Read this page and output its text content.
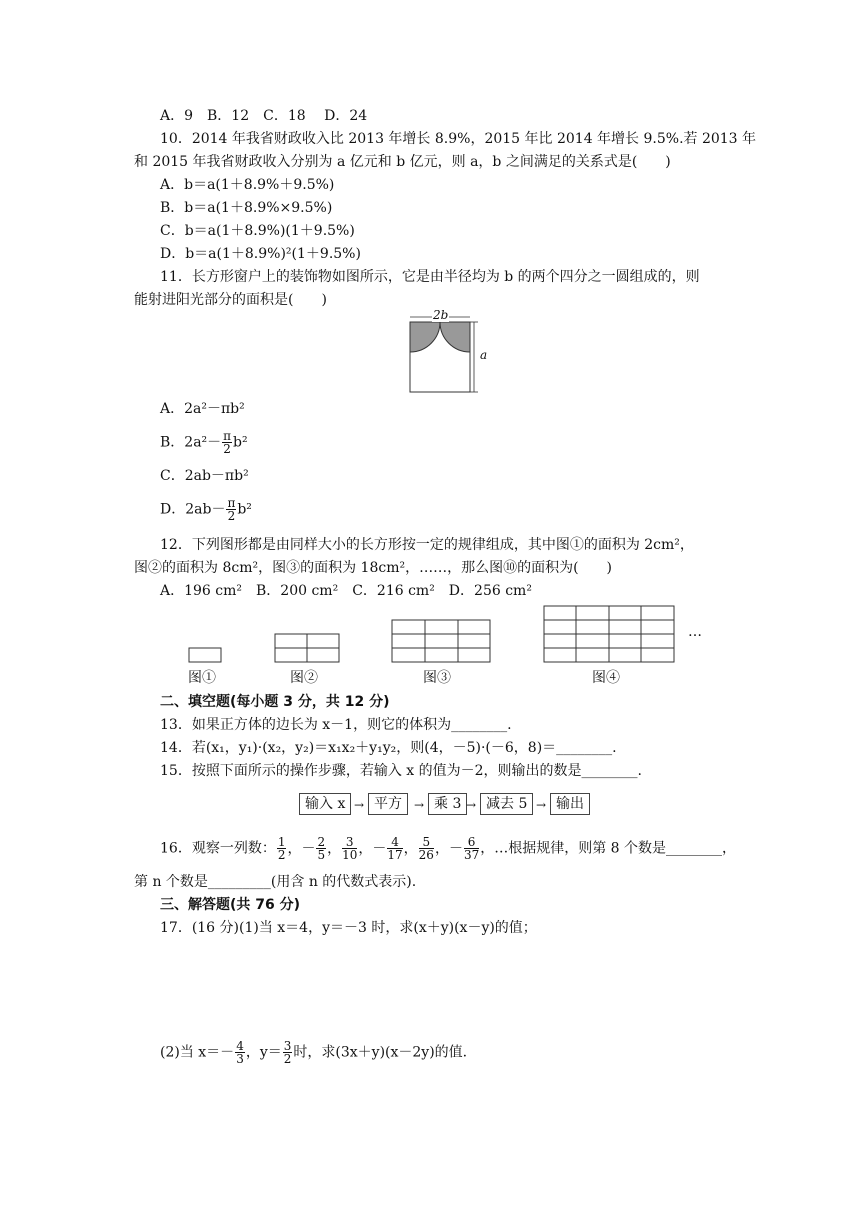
A．9　B．12　C．18　 D．24
10．2014 年我省财政收入比 2013 年增长 8.9%，2015 年比 2014 年增长 9.5%.若 2013 年
和 2015 年我省财政收入分别为 a 亿元和 b 亿元，则 a，b 之间满足的关系式是(　　)
A．b＝a(1＋8.9%＋9.5%)
B．b＝a(1＋8.9%×9.5%)
C．b＝a(1＋8.9%)(1＋9.5%)
D．b＝a(1＋8.9%)²(1＋9.5%)
11．长方形窗户上的装饰物如图所示，它是由半径均为 b 的两个四分之一圆组成的，则
能射进阳光部分的面积是(　　)
2b
a
A．2a²－πb²
B．$2a^2- \frac{\pi}{2} b^2$
C．2ab－πb²
D．$2ab- \frac{\pi}{2} b^2$
12．下列图形都是由同样大小的长方形按一定的规律组成，其中图①的面积为 2cm²，
图②的面积为 8cm²，图③的面积为 18cm²，……，那么图⑩的面积为(　　)
A．196 cm²　B．200 cm²　C．216 cm²　D．256 cm²
…
图①	图②	图③	图④
二、填空题(每小题 3 分，共 12 分)
13．如果正方体的边长为 x－1，则它的体积为________.
14．若(x₁，y₁)·(x₂，y₂)＝x₁x₂＋y₁y₂，则(4，－5)·(－6，8)＝________.
15．按照下面所示的操作步骤，若输入 x 的值为－2，则输出的数是________.
输入 x → 平方	→ 乘 3 → 减去 5 → 输出
16．观察一列数： $\frac{1}{2}$ ，－ $\frac{2}{5}$ ， $\frac{3}{10}$ ，－ $\frac{4}{17}$ ， $\frac{5}{26}$ ，－ $\frac{6}{37}$ ，…根据规律，则第 8 个数是________，
第 n 个数是_________(用含 n 的代数式表示).
三、解答题(共 76 分)
17．(16 分)(1)当 x＝4，y＝－3 时，求(x＋y)(x－y)的值；
(2)当 $x=- \frac{4}{3}$ ，$y= \frac{3}{2}$ 时，求(3x＋y)(x－2y)的值.
